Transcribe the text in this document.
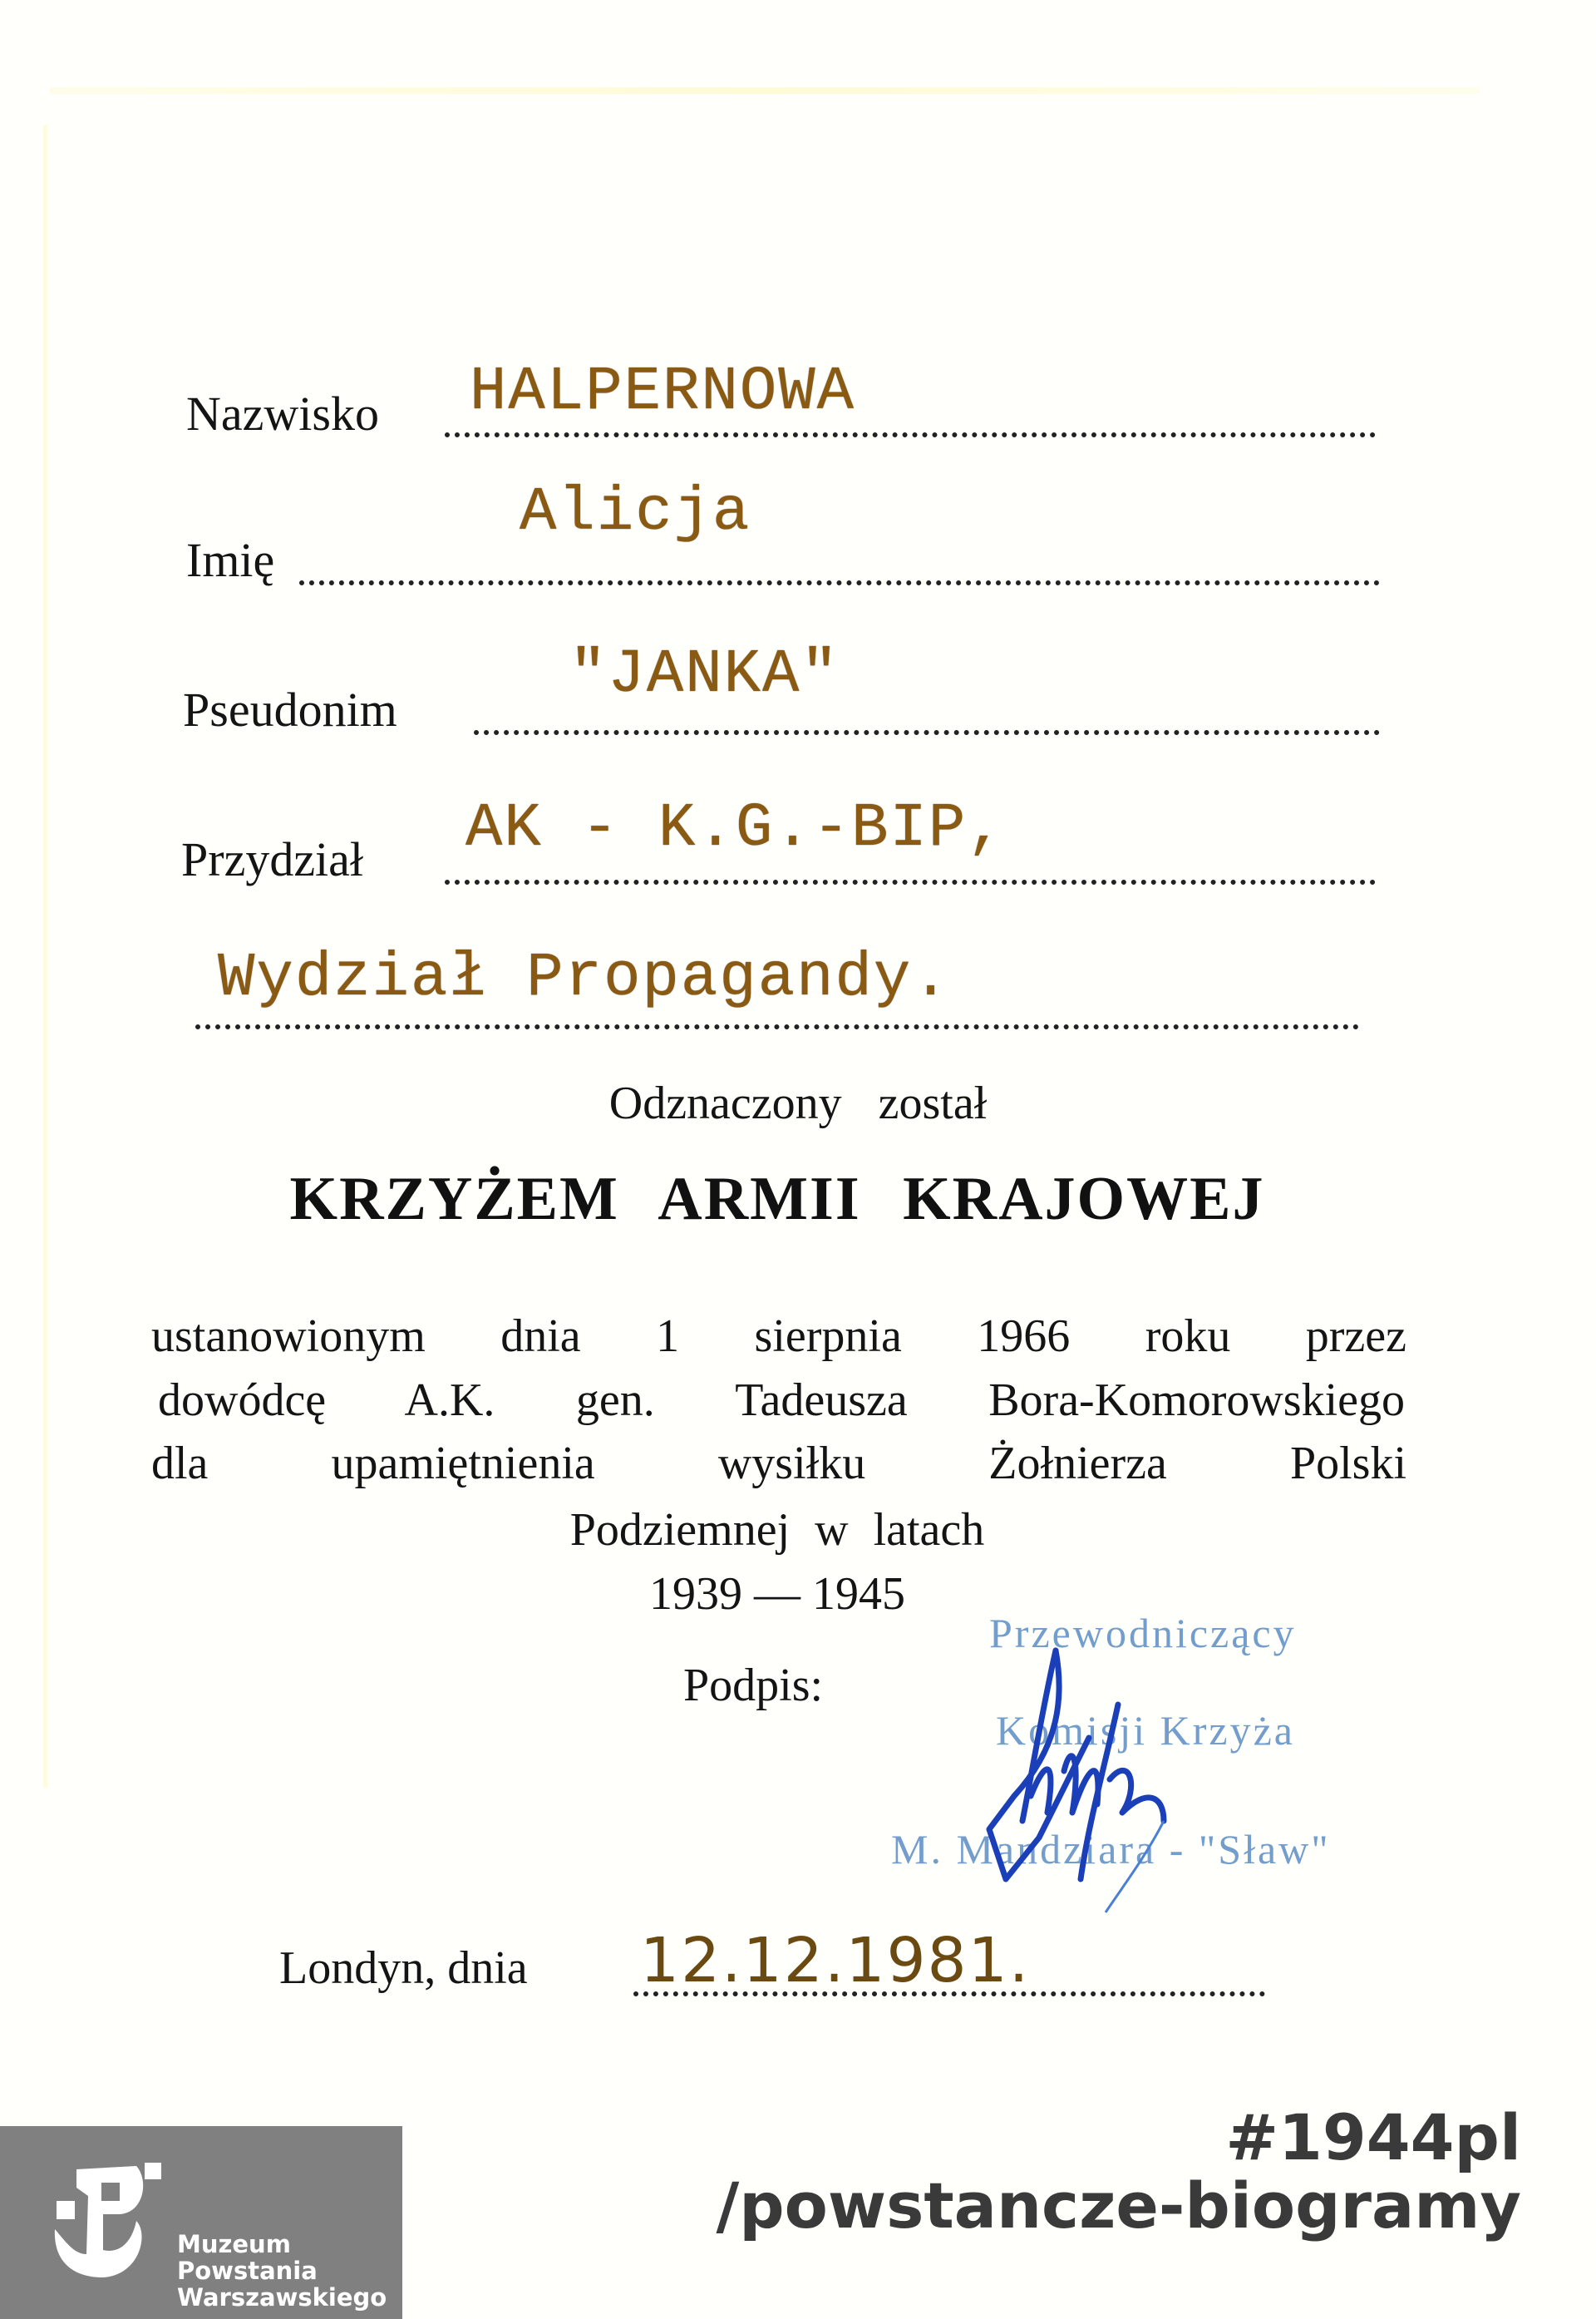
Nazwisko HALPERNOWA
Imię
Alicja
Pseudonim	"JANKA"
Przydział AK - K.G.-BIP,
Wydział Propagandy.
Odznaczony został
KRZYŻEM ARMII KRAJOWEJ
ustanowionym dnia 1 sierpnia 1966 roku przez
dowódcę A.K. gen. Tadeusza Bora-Komorowskiego
dla upamiętnienia wysiłku Żołnierza Polski
Podziemnej w latach
1939 — 1945
Podpis:
Przewodniczący
Komisji Krzyża
M. Mandziara - "Sław"
Londyn, dnia 12.12.1981.
Muzeum
Powstania
Warszawskiego
#1944pl
/powstancze-biogramy
